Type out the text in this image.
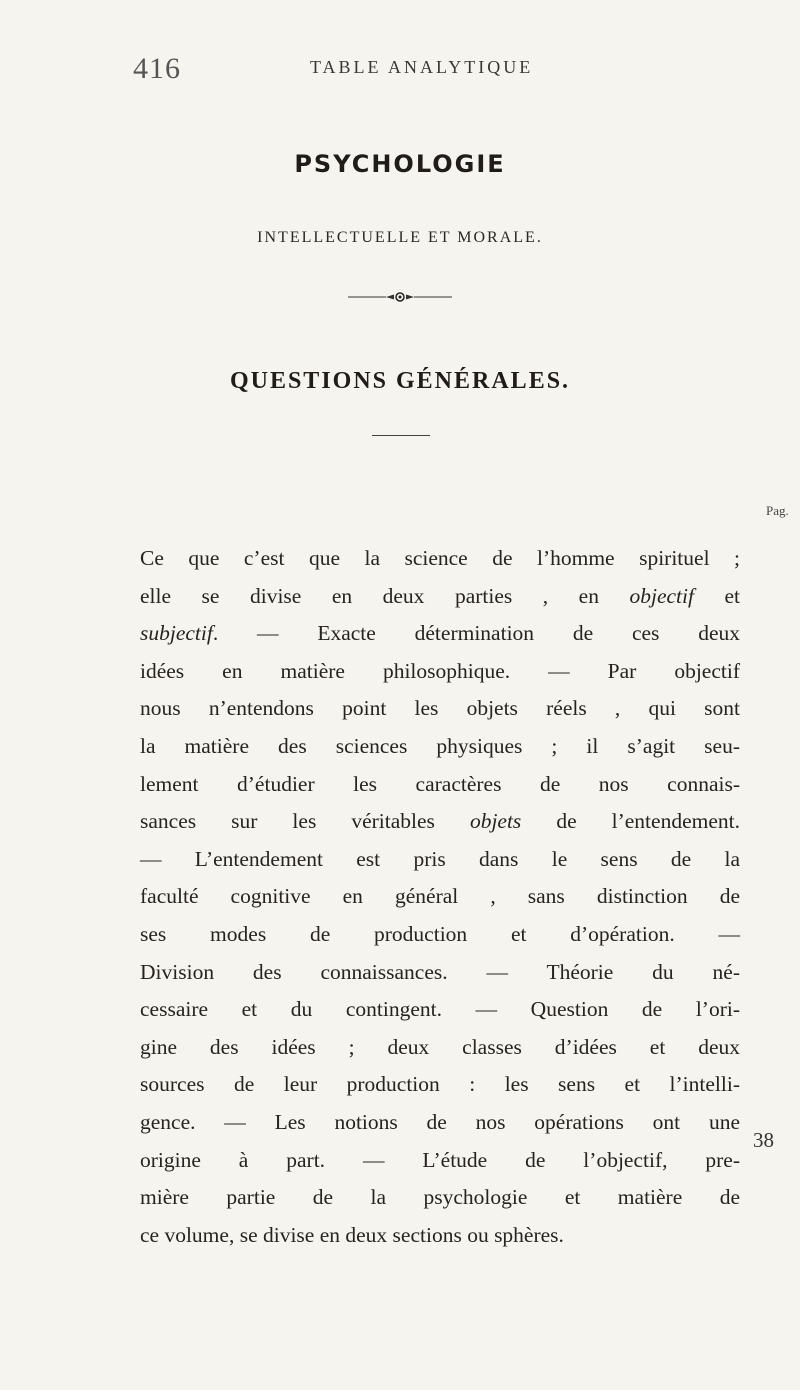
416	TABLE ANALYTIQUE
PSYCHOLOGIE
INTELLECTUELLE ET MORALE.
QUESTIONS GÉNÉRALES.
Pag.
Ce que c’est que la science de l’homme spirituel ;
elle se divise en deux parties , en objectif et
subjectif. — Exacte détermination de ces deux
idées en matière philosophique. — Par objectif
nous n’entendons point les objets réels , qui sont
la matière des sciences physiques ; il s’agit seu-
lement d’étudier les caractères de nos connais-
sances sur les véritables objets de l’entendement.
— L’entendement est pris dans le sens de la
faculté cognitive en général , sans distinction de
ses modes de production et d’opération. —
Division des connaissances. — Théorie du né-
cessaire et du contingent. — Question de l’ori-
gine des idées ; deux classes d’idées et deux
sources de leur production : les sens et l’intelli-
gence. — Les notions de nos opérations ont une
origine à part. — L’étude de l’objectif, pre-
mière partie de la psychologie et matière de
ce volume, se divise en deux sections ou sphères.
38
